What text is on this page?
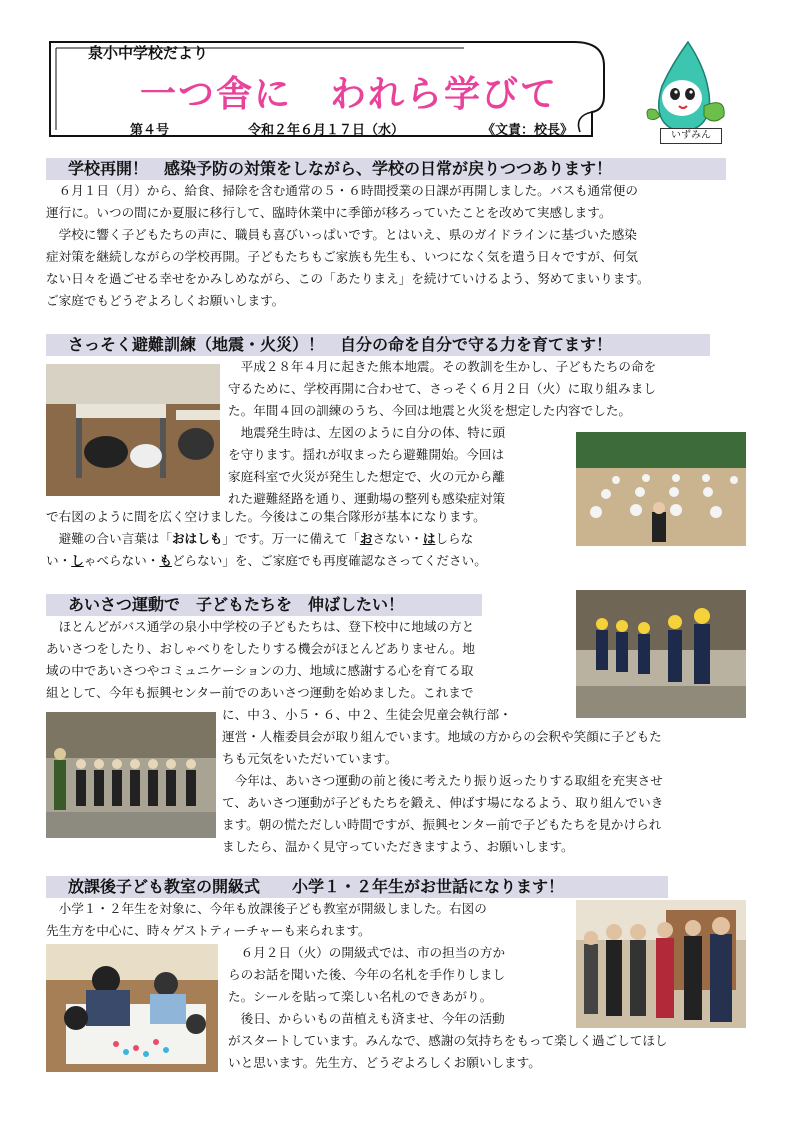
泉小中学校だより
一つ舎に　われら学びて
第４号	令和２年６月１７日（水）	《文責：校長》	いずみん
学校再開！　感染予防の対策をしながら、学校の日常が戻りつつあります！

６月１日（月）から、給食、掃除を含む通常の５・６時間授業の日課が再開しました。バスも通常便の

運行に。いつの間にか夏服に移行して、臨時休業中に季節が移ろっていたことを改めて実感します。

学校に響く子どもたちの声に、職員も喜びいっぱいです。とはいえ、県のガイドラインに基づいた感染

症対策を継続しながらの学校再開。子どもたちもご家族も先生も、いつになく気を遣う日々ですが、何気

ない日々を過ごせる幸せをかみしめながら、この「あたりまえ」を続けていけるよう、努めてまいります。

ご家庭でもどうぞよろしくお願いします。

さっそく避難訓練（地震・火災）！　自分の命を自分で守る力を育てます！

平成２８年４月に起きた熊本地震。その教訓を生かし、子どもたちの命を

守るために、学校再開に合わせて、さっそく６月２日（火）に取り組みまし

た。年間４回の訓練のうち、今回は地震と火災を想定した内容でした。

地震発生時は、左図のように自分の体、特に頭

を守ります。揺れが収まったら避難開始。今回は

家庭科室で火災が発生した想定で、火の元から離

れた避難経路を通り、運動場の整列も感染症対策

で右図のように間を広く空けました。今後はこの集合隊形が基本になります。

避難の合い言葉は「おはしも」です。万一に備えて「おさない・はしらな

い・しゃべらない・もどらない」を、ご家庭でも再度確認なさってください。

あいさつ運動で　子どもたちを　伸ばしたい！

ほとんどがバス通学の泉小中学校の子どもたちは、登下校中に地域の方と

あいさつをしたり、おしゃべりをしたりする機会がほとんどありません。地

域の中であいさつやコミュニケーションの力、地域に感謝する心を育てる取

組として、今年も振興センター前でのあいさつ運動を始めました。これまで

に、中３、小５・６、中２、生徒会児童会執行部・

運営・人権委員会が取り組んでいます。地域の方からの会釈や笑顔に子どもた

ちも元気をいただいています。

今年は、あいさつ運動の前と後に考えたり振り返ったりする取組を充実させ

て、あいさつ運動が子どもたちを鍛え、伸ばす場になるよう、取り組んでいき

ます。朝の慌ただしい時間ですが、振興センター前で子どもたちを見かけられ

ましたら、温かく見守っていただきますよう、お願いします。

放課後子ども教室の開級式　　小学１・２年生がお世話になります！

小学１・２年生を対象に、今年も放課後子ども教室が開級しました。右図の

先生方を中心に、時々ゲストティーチャーも来られます。

６月２日（火）の開級式では、市の担当の方か

らのお話を聞いた後、今年の名札を手作りしまし

た。シールを貼って楽しい名札のできあがり。

後日、からいもの苗植えも済ませ、今年の活動

がスタートしています。みんなで、感謝の気持ちをもって楽しく過ごしてほし

いと思います。先生方、どうぞよろしくお願いします。
